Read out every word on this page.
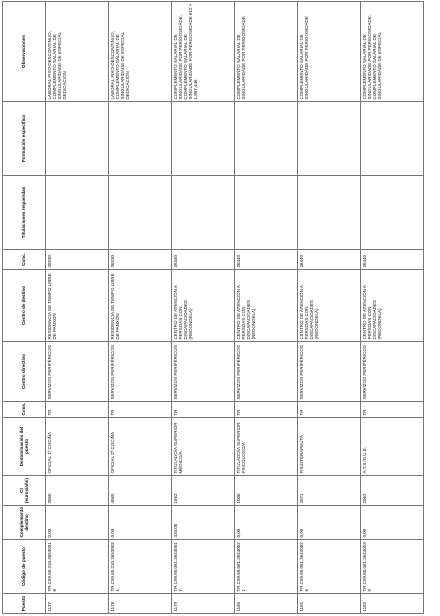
Puesto	Código de puesto	Complemento destino	Ct (euros/año)	Denominación del puesto	Cons.	Centro directivo	Centro de destino	Conc.	Titulaciones requeridas	Formación específica	Observaciones
1177	TR.C99.60.210.36530018	0,00	3065	OFICIAL 1ª COCIÑA	TR	SERVIZOS PERIFÉRICOS	RESIDENCIA DE TEMPO LIBRE DE PANXÓN	36530			LABORAL FIXO-DESCONTINUO, COMPLEMENTO SALARIAL DE SINGULARIDADE DE ESPECIAL DEDICACIÓN
1178	TR.C99.60.210.36530031	0,00	4065	OFICIAL 2ª COCIÑA	TR	SERVIZOS PERIFÉRICOS	RESIDENCIA DE TEMPO LIBRE DE PANXÓN	36530			LABORAL FIXO-DESCONTINUO, COMPLEMENTO SALARIAL DE SINGULARIDADE DE ESPECIAL DEDICACIÓN
1179	TR.C99.60.061.36440017	410,00	1662	TITULADO/A SUPERIOR MÉDICO/A	TR	SERVIZOS PERIFÉRICOS	CENTRO DE ATENCIÓN A PERSOAS CON DISCAPACIDADES (REDONDELA)	36440			COMPLEMENTO SALARIAL DE SINGULARIDADE POR PERIGOSIDADE. COMPLEMENTO SALARIAL DE SINGULARIDADE POR PERIGOSIDADE 812 + 1.807,44€
1180	TR.C99.60.061.36440021	0,00	1066	TITULADO/A SUPERIOR PSICÓLOGO/A	TR	SERVIZOS PERIFÉRICOS	CENTRO DE ATENCIÓN A PERSOAS CON DISCAPACIDADES (REDONDELA)	36440			COMPLEMENTO SALARIAL DE SINGULARIDADE POR PERIGOSIDADE
1181	TR.C99.60.061.36440026	0,00	2071	FISIOTERAPEUTA	TR	SERVIZOS PERIFÉRICOS	CENTRO DE ATENCIÓN A PERSOAS CON DISCAPACIDADES (REDONDELA)	36440			COMPLEMENTO SALARIAL DE SINGULARIDADE POR PERIGOSIDADE
1182	TR.C99.60.061.36440030	0,00	2062	A.T.S./D.U.E.	TR	SERVIZOS PERIFÉRICOS	CENTRO DE ATENCIÓN A PERSOAS CON DISCAPACIDADES (REDONDELA)	36440			COMPLEMENTO SALARIAL DE SINGULARIDADE POR PERIGOSIDADE. COMPLEMENTO SALARIAL DE SINGULARIDADE DE ESPECIAL
